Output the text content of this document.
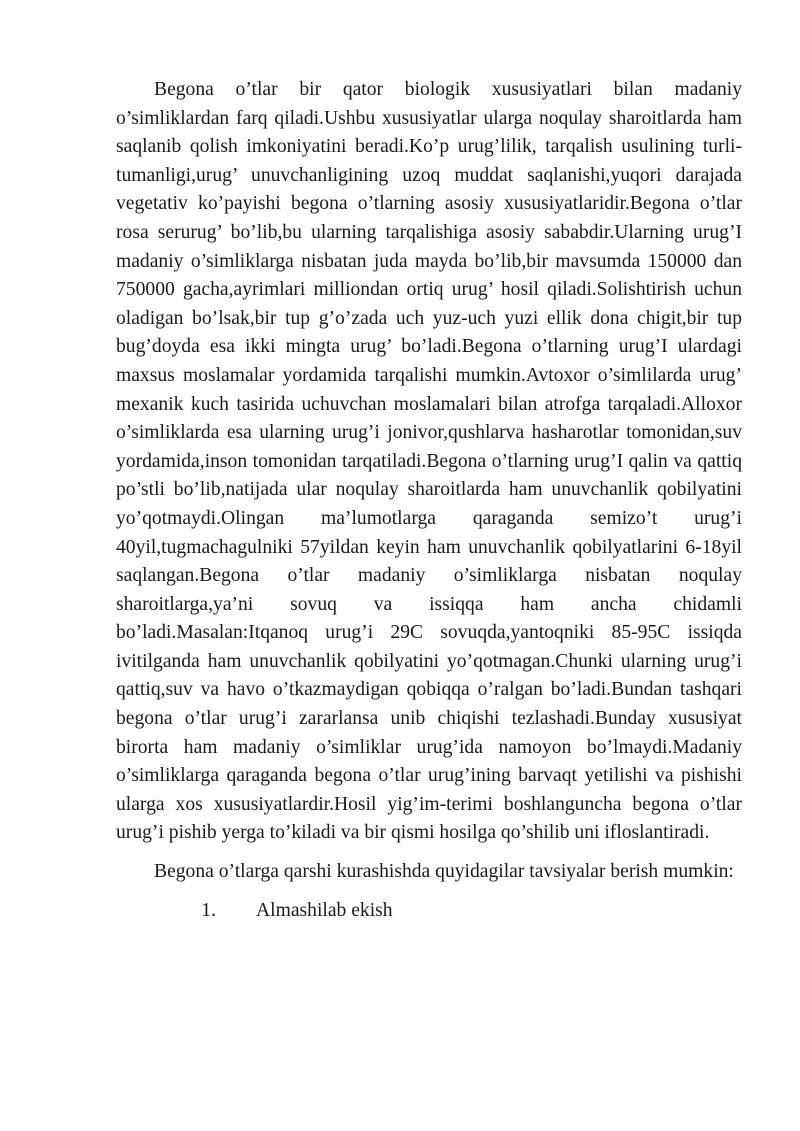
Begona o’tlar bir qator biologik xususiyatlari bilan madaniy o’simliklardan farq qiladi.Ushbu xususiyatlar ularga noqulay sharoitlarda ham saqlanib qolish imkoniyatini beradi.Ko’p urug’lilik, tarqalish usulining turli-tumanligi,urug’ unuvchanligining uzoq muddat saqlanishi,yuqori darajada vegetativ ko’payishi begona o’tlarning asosiy xususiyatlaridir.Begona o’tlar rosa serurug’ bo’lib,bu ularning tarqalishiga asosiy sababdir.Ularning urug’I madaniy o’simliklarga nisbatan juda mayda bo’lib,bir mavsumda 150000 dan 750000 gacha,ayrimlari milliondan ortiq urug’ hosil qiladi.Solishtirish uchun oladigan bo’lsak,bir tup g’o’zada uch yuz-uch yuzi ellik dona chigit,bir tup bug’doyda esa ikki mingta urug’ bo’ladi.Begona o’tlarning urug’I ulardagi maxsus moslamalar yordamida tarqalishi mumkin.Avtoxor o’simlilarda urug’ mexanik kuch tasirida uchuvchan moslamalari bilan atrofga tarqaladi.Alloxor o’simliklarda esa ularning urug’i jonivor,qushlarva hasharotlar tomonidan,suv yordamida,inson tomonidan tarqatiladi.Begona o’tlarning urug’I qalin va qattiq po’stli bo’lib,natijada ular noqulay sharoitlarda ham unuvchanlik qobilyatini yo’qotmaydi.Olingan ma’lumotlarga qaraganda semizo’t urug’i 40yil,tugmachagulniki 57yildan keyin ham unuvchanlik qobilyatlarini 6-18yil saqlangan.Begona o’tlar madaniy o’simliklarga nisbatan noqulay sharoitlarga,ya’ni sovuq va issiqqa ham ancha chidamli bo’ladi.Masalan:Itqanoq urug’i 29C sovuqda,yantoqniki 85-95C issiqda ivitilganda ham unuvchanlik qobilyatini yo’qotmagan.Chunki ularning urug’i qattiq,suv va havo o’tkazmaydigan qobiqqa o’ralgan bo’ladi.Bundan tashqari begona o’tlar urug’i zararlansa unib chiqishi tezlashadi.Bunday xususiyat birorta ham madaniy o’simliklar urug’ida namoyon bo’lmaydi.Madaniy o’simliklarga qaraganda begona o’tlar urug’ining barvaqt yetilishi va pishishi ularga xos xususiyatlardir.Hosil yig’im-terimi boshlanguncha begona o’tlar urug’i pishib yerga to’kiladi va bir qismi hosilga qo’shilib uni ifloslantiradi.

Begona o’tlarga qarshi kurashishda quyidagilar tavsiyalar berish mumkin:

1.	Almashilab ekish
